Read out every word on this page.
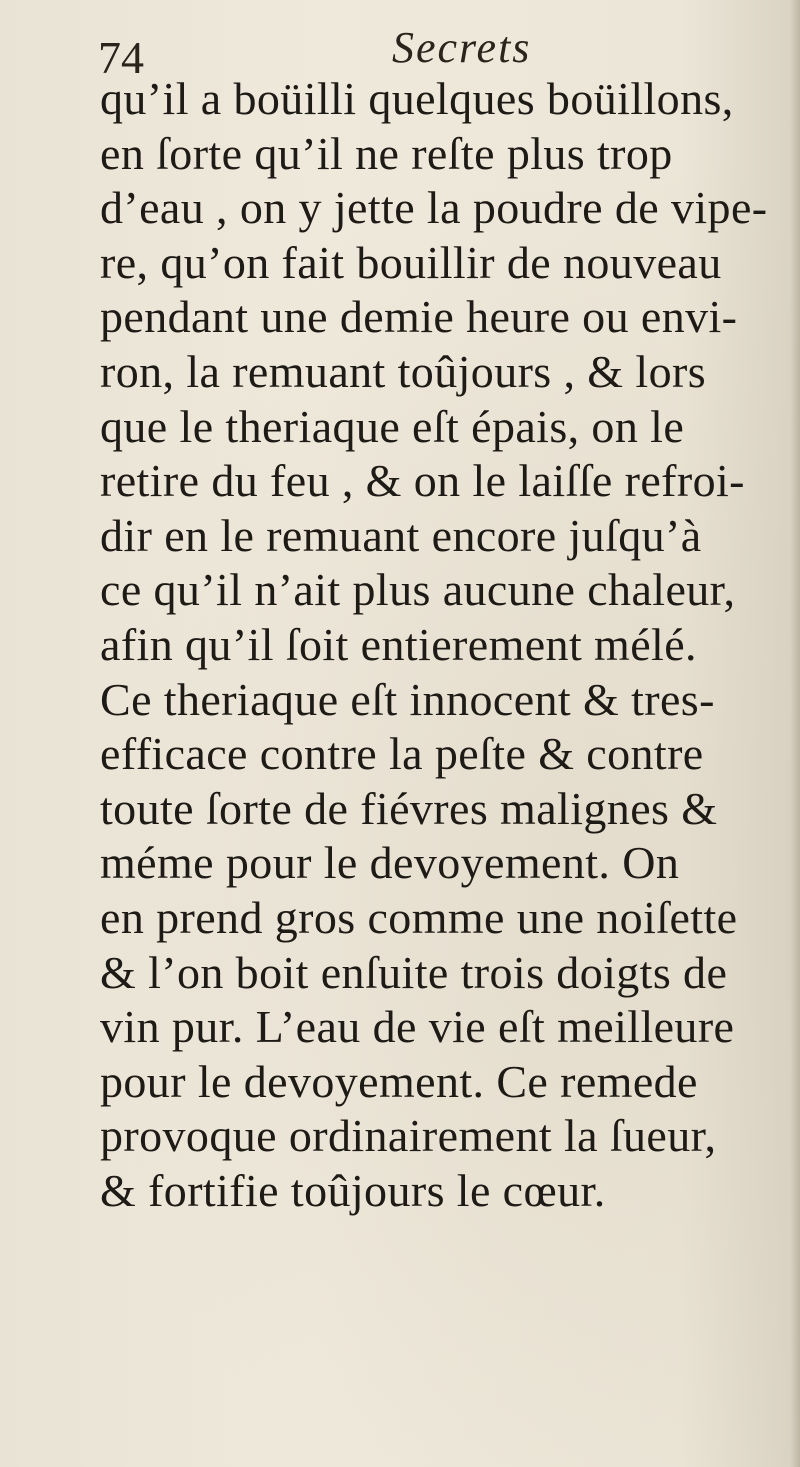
74	Secrets
qu’il a boüilli quelques boüillons,
en ſorte qu’il ne reſte plus trop
d’eau , on y jette la poudre de vipe-
re, qu’on fait bouillir de nouveau
pendant une demie heure ou envi-
ron, la remuant toûjours , & lors
que le theriaque eſt épais, on le
retire du feu , & on le laiſſe refroi-
dir en le remuant encore juſqu’à
ce qu’il n’ait plus aucune chaleur,
afin qu’il ſoit entierement mélé.
Ce theriaque eſt innocent & tres-
efficace contre la peſte & contre
toute ſorte de fiévres malignes &
méme pour le devoyement. On
en prend gros comme une noiſette
& l’on boit enſuite trois doigts de
vin pur. L’eau de vie eſt meilleure
pour le devoyement. Ce remede
provoque ordinairement la ſueur,
& fortifie toûjours le cœur.
